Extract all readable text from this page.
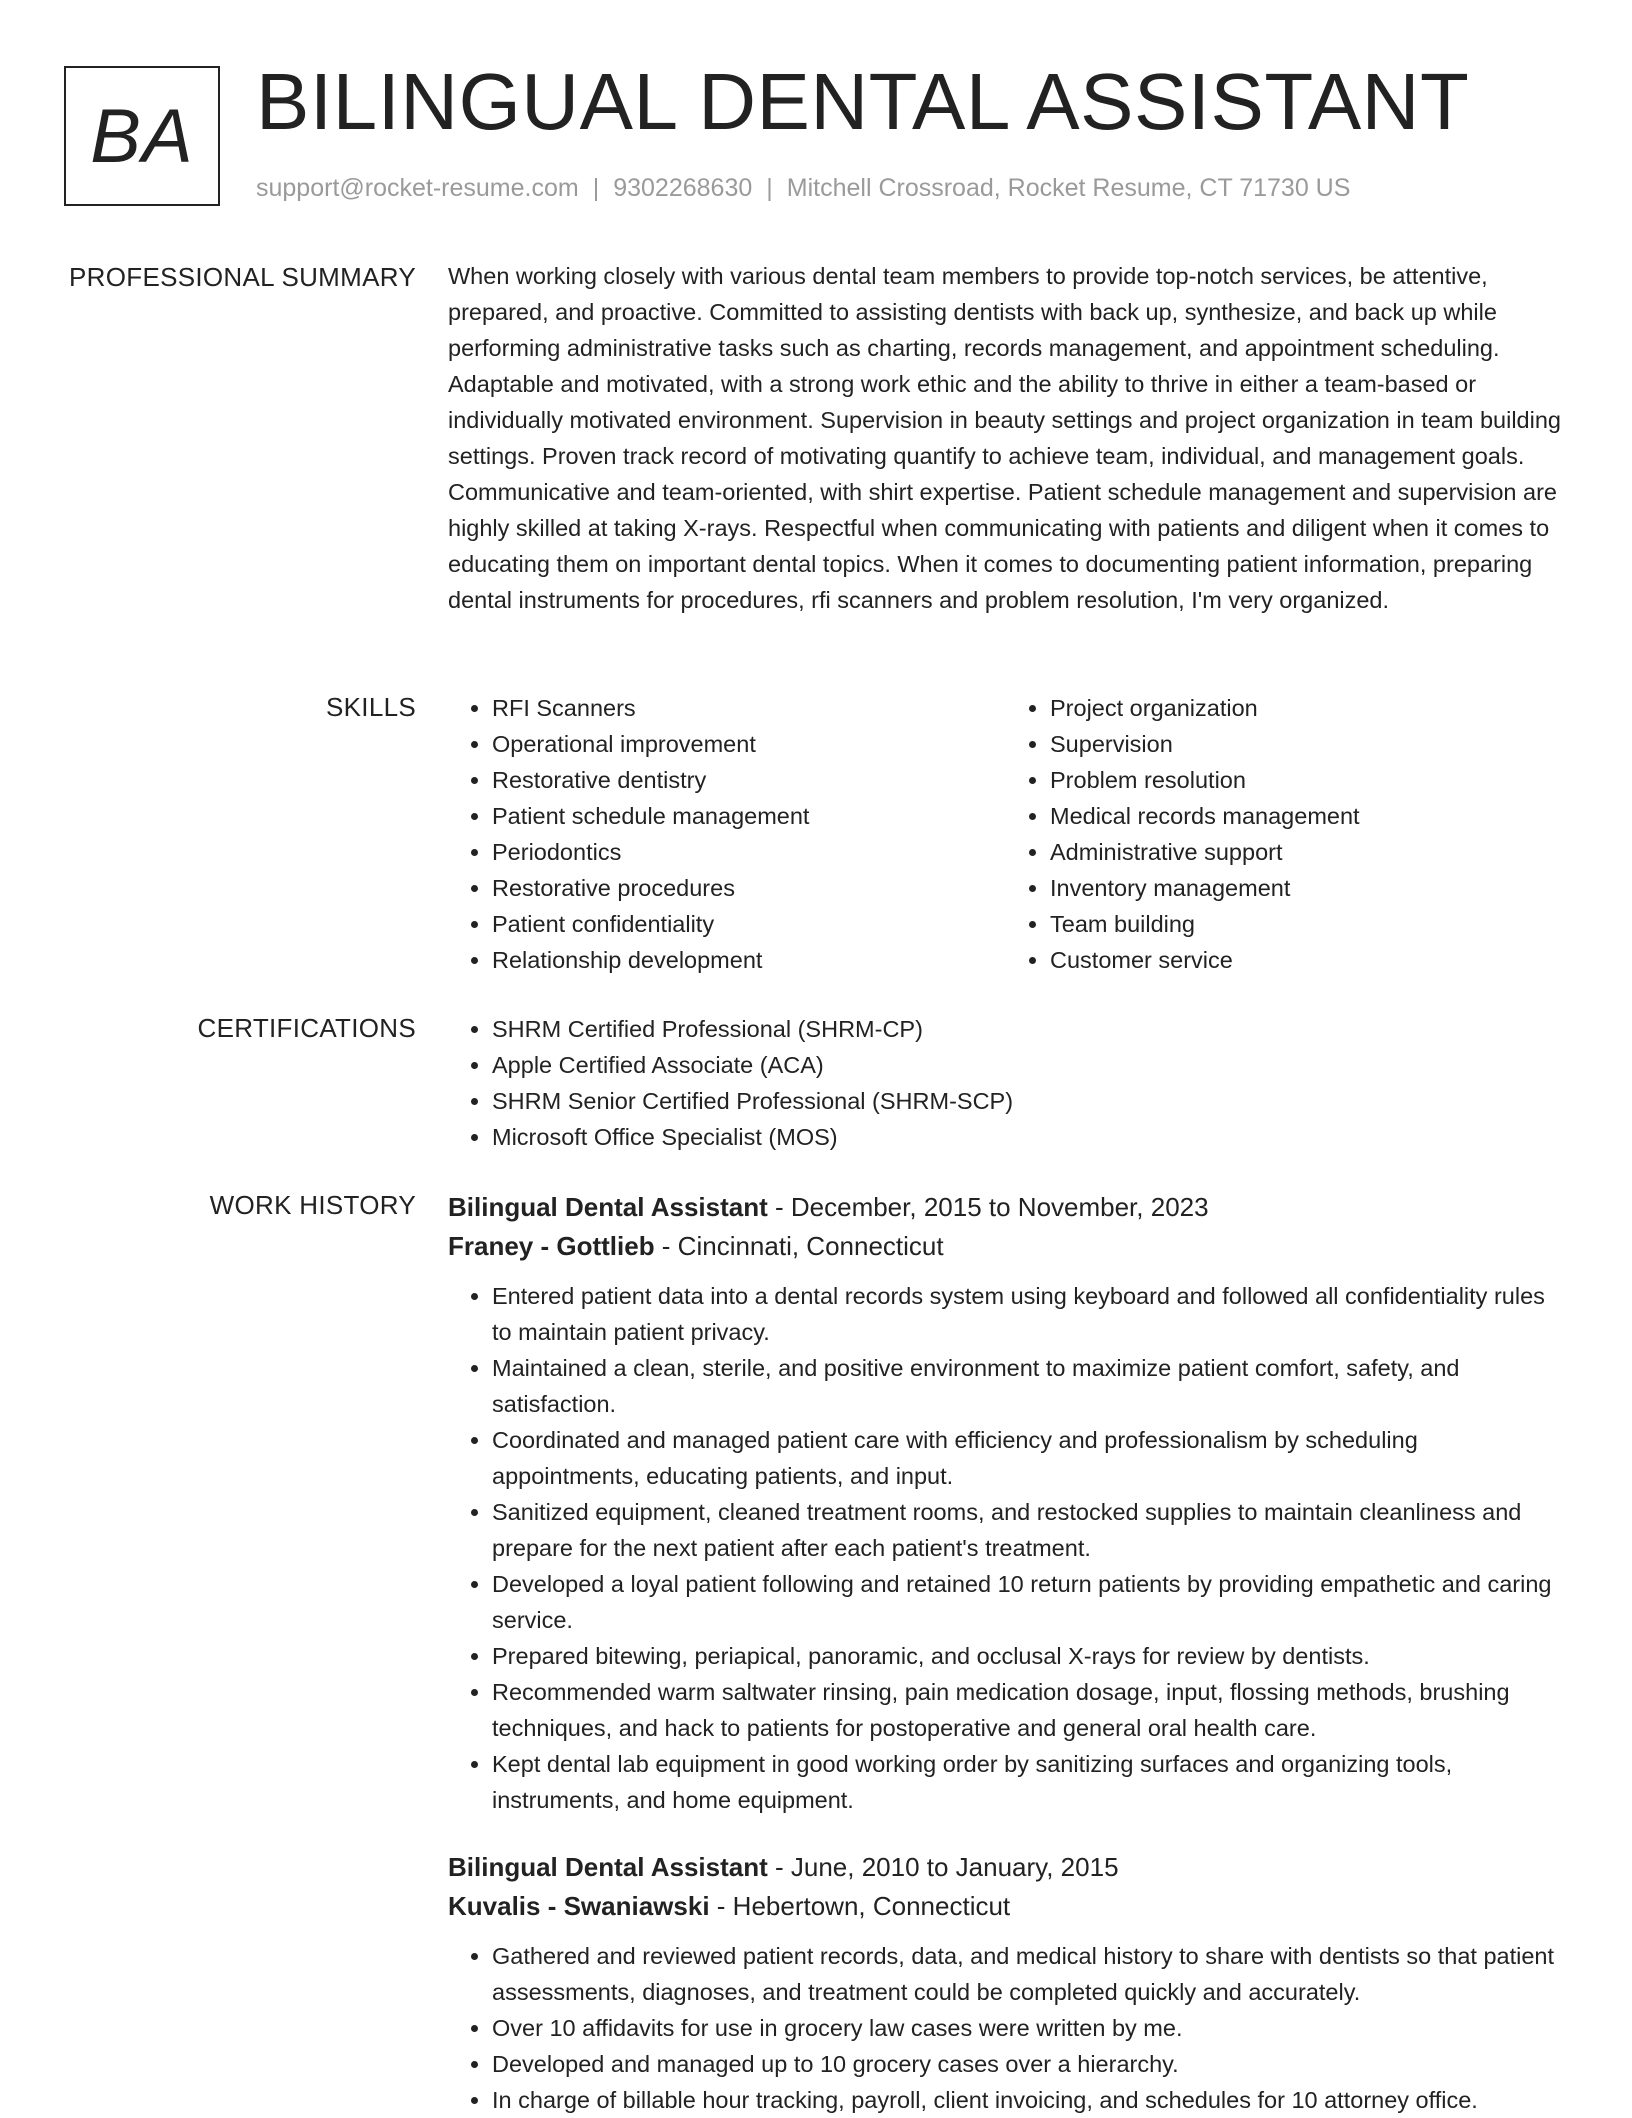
BA BILINGUAL DENTAL ASSISTANT
support@rocket-resume.com | 9302268630 | Mitchell Crossroad, Rocket Resume, CT 71730 US
PROFESSIONAL SUMMARY When working closely with various dental team members to provide top-notch services, be attentive, prepared, and proactive. Committed to assisting dentists with back up, synthesize, and back up while performing administrative tasks such as charting, records management, and appointment scheduling. Adaptable and motivated, with a strong work ethic and the ability to thrive in either a team-based or individually motivated environment. Supervision in beauty settings and project organization in team building settings. Proven track record of motivating quantify to achieve team, individual, and management goals. Communicative and team-oriented, with shirt expertise. Patient schedule management and supervision are highly skilled at taking X-rays. Respectful when communicating with patients and diligent when it comes to educating them on important dental topics. When it comes to documenting patient information, preparing dental instruments for procedures, rfi scanners and problem resolution, I'm very organized.

SKILLS	• RFI Scanners
• Operational improvement
• Restorative dentistry
• Patient schedule management
• Periodontics
• Restorative procedures
• Patient confidentiality
• Relationship development
• Project organization
• Supervision
• Problem resolution
• Medical records management
• Administrative support
• Inventory management
• Team building
• Customer service
CERTIFICATIONS	• SHRM Certified Professional (SHRM-CP)
• Apple Certified Associate (ACA)
• SHRM Senior Certified Professional (SHRM-SCP)
• Microsoft Office Specialist (MOS)
WORK HISTORY Bilingual Dental Assistant - December, 2015 to November, 2023

Franey - Gottlieb - Cincinnati, Connecticut

• Entered patient data into a dental records system using keyboard and followed all confidentiality rules to maintain patient privacy.
• Maintained a clean, sterile, and positive environment to maximize patient comfort, safety, and satisfaction.
• Coordinated and managed patient care with efficiency and professionalism by scheduling appointments, educating patients, and input.
• Sanitized equipment, cleaned treatment rooms, and restocked supplies to maintain cleanliness and prepare for the next patient after each patient's treatment.
• Developed a loyal patient following and retained 10 return patients by providing empathetic and caring service.
• Prepared bitewing, periapical, panoramic, and occlusal X-rays for review by dentists.
• Recommended warm saltwater rinsing, pain medication dosage, input, flossing methods, brushing techniques, and hack to patients for postoperative and general oral health care.
• Kept dental lab equipment in good working order by sanitizing surfaces and organizing tools, instruments, and home equipment.

Bilingual Dental Assistant - June, 2010 to January, 2015

Kuvalis - Swaniawski - Hebertown, Connecticut

• Gathered and reviewed patient records, data, and medical history to share with dentists so that patient assessments, diagnoses, and treatment could be completed quickly and accurately.
• Over 10 affidavits for use in grocery law cases were written by me.
• Developed and managed up to 10 grocery cases over a hierarchy.
• In charge of billable hour tracking, payroll, client invoicing, and schedules for 10 attorney office.
